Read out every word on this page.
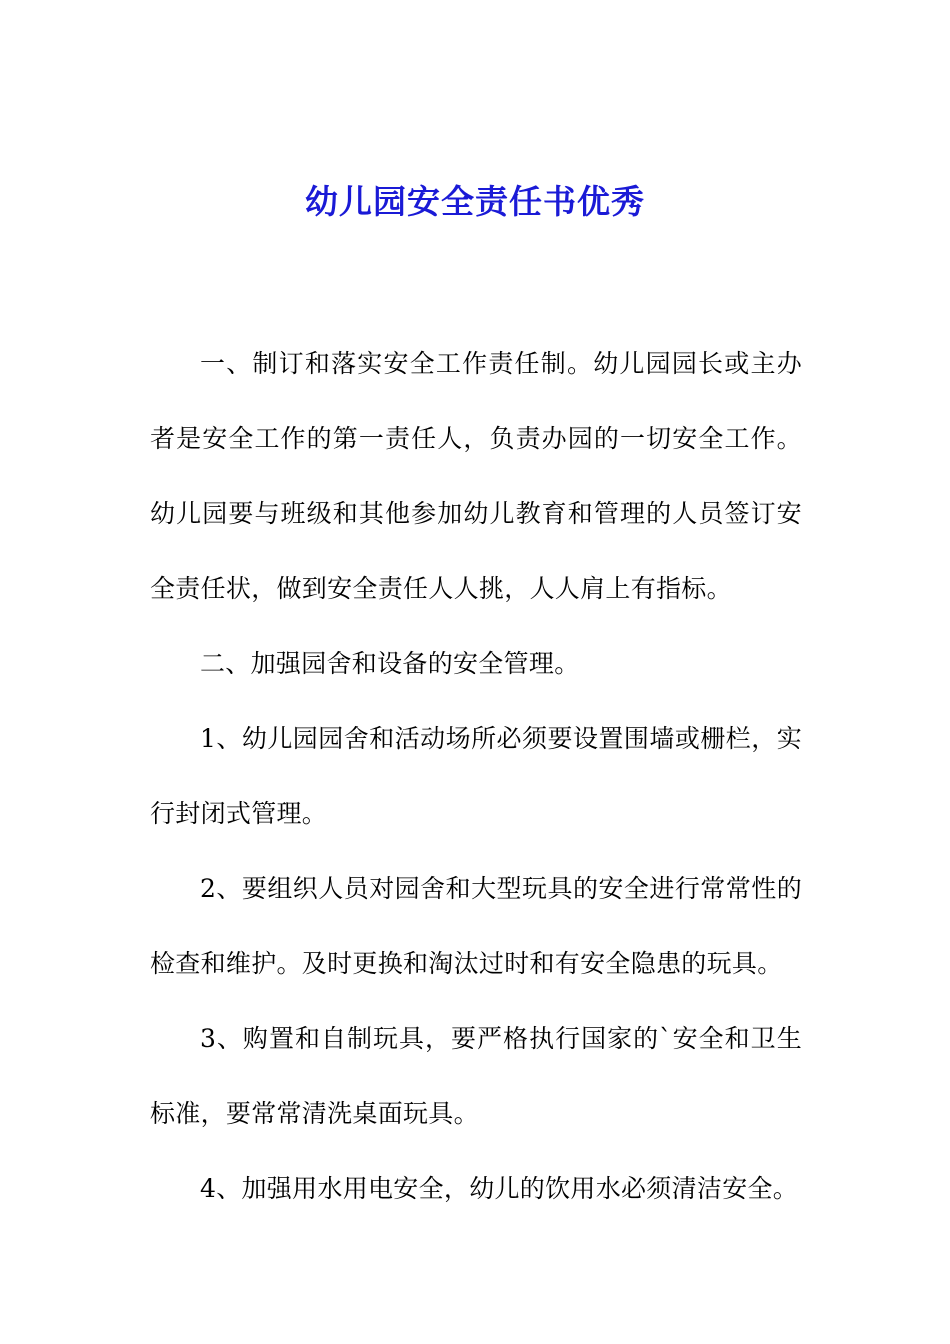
幼儿园安全责任书优秀

一、制订和落实安全工作责任制。幼儿园园长或主办者是安全工作的第一责任人，负责办园的一切安全工作。幼儿园要与班级和其他参加幼儿教育和管理的人员签订安全责任状，做到安全责任人人挑，人人肩上有指标。

二、加强园舍和设备的安全管理。

1、幼儿园园舍和活动场所必须要设置围墙或栅栏，实行封闭式管理。

2、要组织人员对园舍和大型玩具的安全进行常常性的检查和维护。及时更换和淘汰过时和有安全隐患的玩具。

3、购置和自制玩具，要严格执行国家的`安全和卫生标准，要常常清洗桌面玩具。

4、加强用水用电安全，幼儿的饮用水必须清洁安全。
